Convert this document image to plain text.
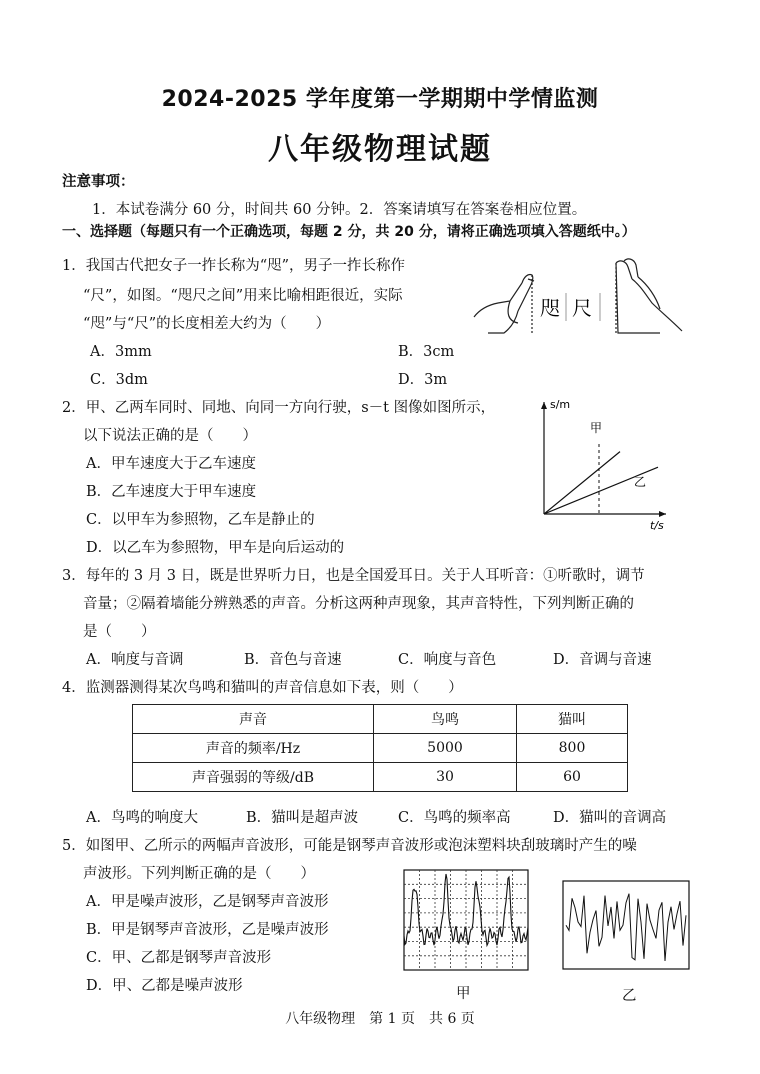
2024-2025 学年度第一学期期中学情监测
八年级物理试题
注意事项：
1．本试卷满分 60 分，时间共 60 分钟。2．答案请填写在答案卷相应位置。
一、选择题（每题只有一个正确选项，每题 2 分，共 20 分，请将正确选项填入答题纸中。）
1．我国古代把女子一拃长称为“咫”，男子一拃长称作
“尺”，如图。“咫尺之间”用来比喻相距很近，实际
“咫”与“尺”的长度相差大约为（　　）
A．3mm	B．3cm
C．3dm	D．3m
咫 尺
2．甲、乙两车同时、同地、向同一方向行驶，s－t 图像如图所示，
以下说法正确的是（　　）
A．甲车速度大于乙车速度
B．乙车速度大于甲车速度
C．以甲车为参照物，乙车是静止的
D．以乙车为参照物，甲车是向后运动的
s/m
t/s
甲
乙
3．每年的 3 月 3 日，既是世界听力日，也是全国爱耳日。关于人耳听音：①听歌时，调节
音量；②隔着墙能分辨熟悉的声音。分析这两种声现象，其声音特性，下列判断正确的
是（　　）
A．响度与音调	B．音色与音速	C．响度与音色	D．音调与音速
4．监测器测得某次鸟鸣和猫叫的声音信息如下表，则（　　）
声音	鸟鸣	猫叫
声音的频率/Hz	5000	800
声音强弱的等级/dB	30	60
A．鸟鸣的响度大	B．猫叫是超声波	C．鸟鸣的频率高	D．猫叫的音调高
5．如图甲、乙所示的两幅声音波形，可能是钢琴声音波形或泡沫塑料块刮玻璃时产生的噪
声波形。下列判断正确的是（　　）
A．甲是噪声波形，乙是钢琴声音波形
B．甲是钢琴声音波形，乙是噪声波形
C．甲、乙都是钢琴声音波形
D．甲、乙都是噪声波形	甲	乙
八年级物理　第 1 页　共 6 页
